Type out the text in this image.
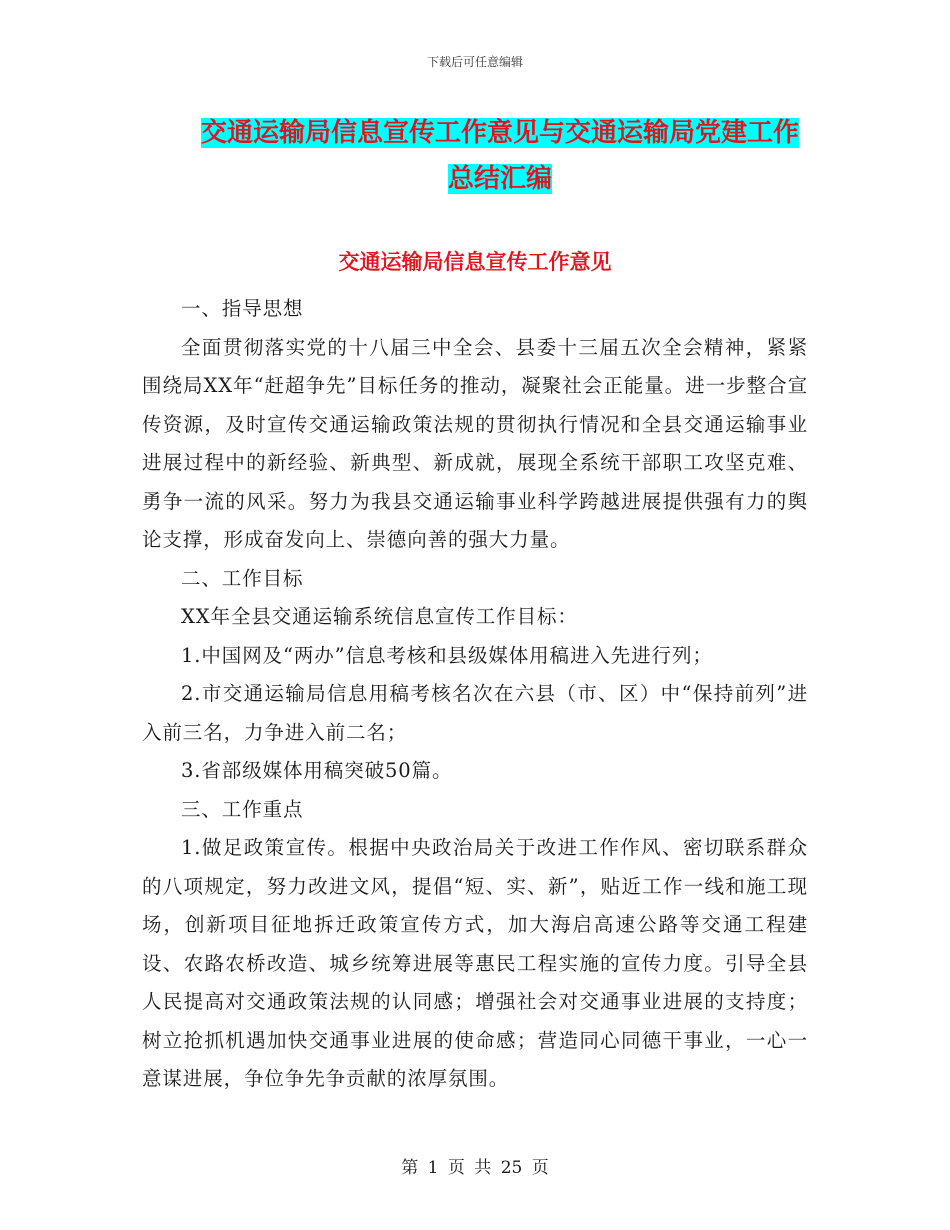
下载后可任意编辑
交通运输局信息宣传工作意见与交通运输局党建工作
总结汇编
交通运输局信息宣传工作意见

一、指导思想

全面贯彻落实党的十八届三中全会、县委十三届五次全会精神，紧紧围绕局XX年“赶超争先”目标任务的推动，凝聚社会正能量。进一步整合宣传资源，及时宣传交通运输政策法规的贯彻执行情况和全县交通运输事业进展过程中的新经验、新典型、新成就，展现全系统干部职工攻坚克难、勇争一流的风采。努力为我县交通运输事业科学跨越进展提供强有力的舆论支撑，形成奋发向上、崇德向善的强大力量。

二、工作目标

XX年全县交通运输系统信息宣传工作目标：

1.中国网及“两办”信息考核和县级媒体用稿进入先进行列；

2.市交通运输局信息用稿考核名次在六县（市、区）中“保持前列”进入前三名，力争进入前二名；

3.省部级媒体用稿突破50篇。

三、工作重点

1.做足政策宣传。根据中央政治局关于改进工作作风、密切联系群众的八项规定，努力改进文风，提倡“短、实、新”，贴近工作一线和施工现场，创新项目征地拆迁政策宣传方式，加大海启高速公路等交通工程建设、农路农桥改造、城乡统筹进展等惠民工程实施的宣传力度。引导全县人民提高对交通政策法规的认同感；增强社会对交通事业进展的支持度；树立抢抓机遇加快交通事业进展的使命感；营造同心同德干事业，一心一意谋进展，争位争先争贡献的浓厚氛围。

第 1 页 共 25 页
